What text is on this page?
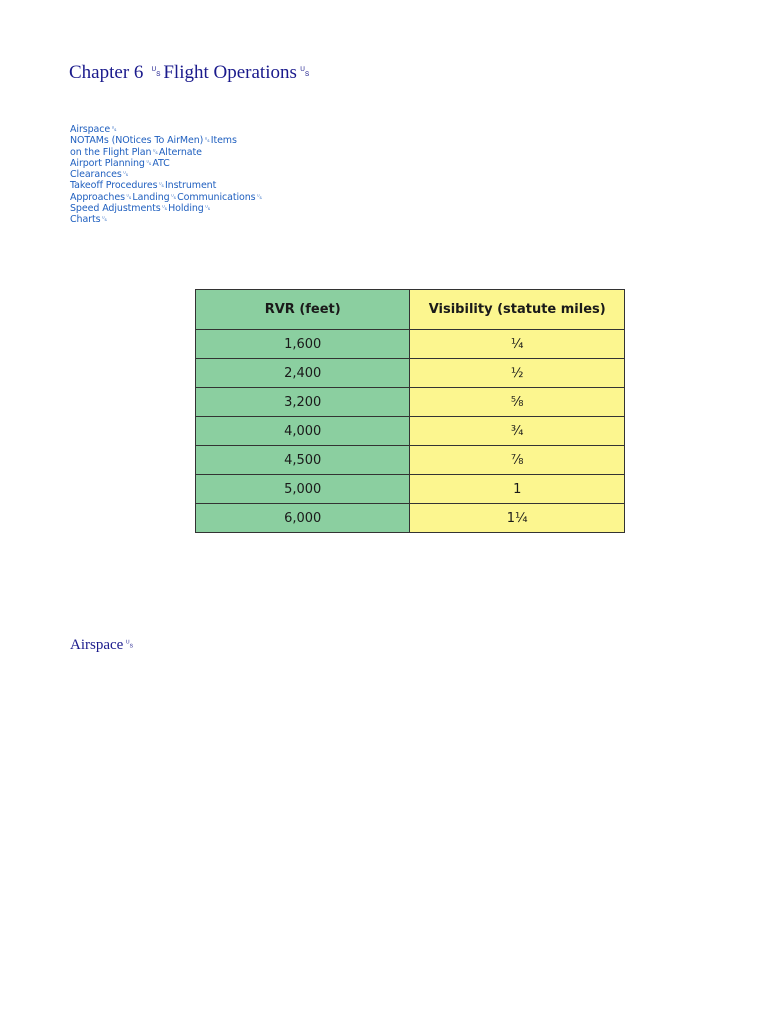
Chapter 6 ␟Flight Operations␟
Airspace␟
NOTAMs (NOtices To AirMen)␟Items
on the Flight Plan␟Alternate
Airport Planning␟ATC
Clearances␟
Takeoff Procedures␟Instrument
Approaches␟Landing␟Communications␟
Speed Adjustments␟Holding␟
Charts␟
RVR (feet)	Visibility (statute miles)
1,600	¼
2,400	½
3,200	⅝
4,000	¾
4,500	⅞
5,000	1
6,000	1¼
Airspace␟
